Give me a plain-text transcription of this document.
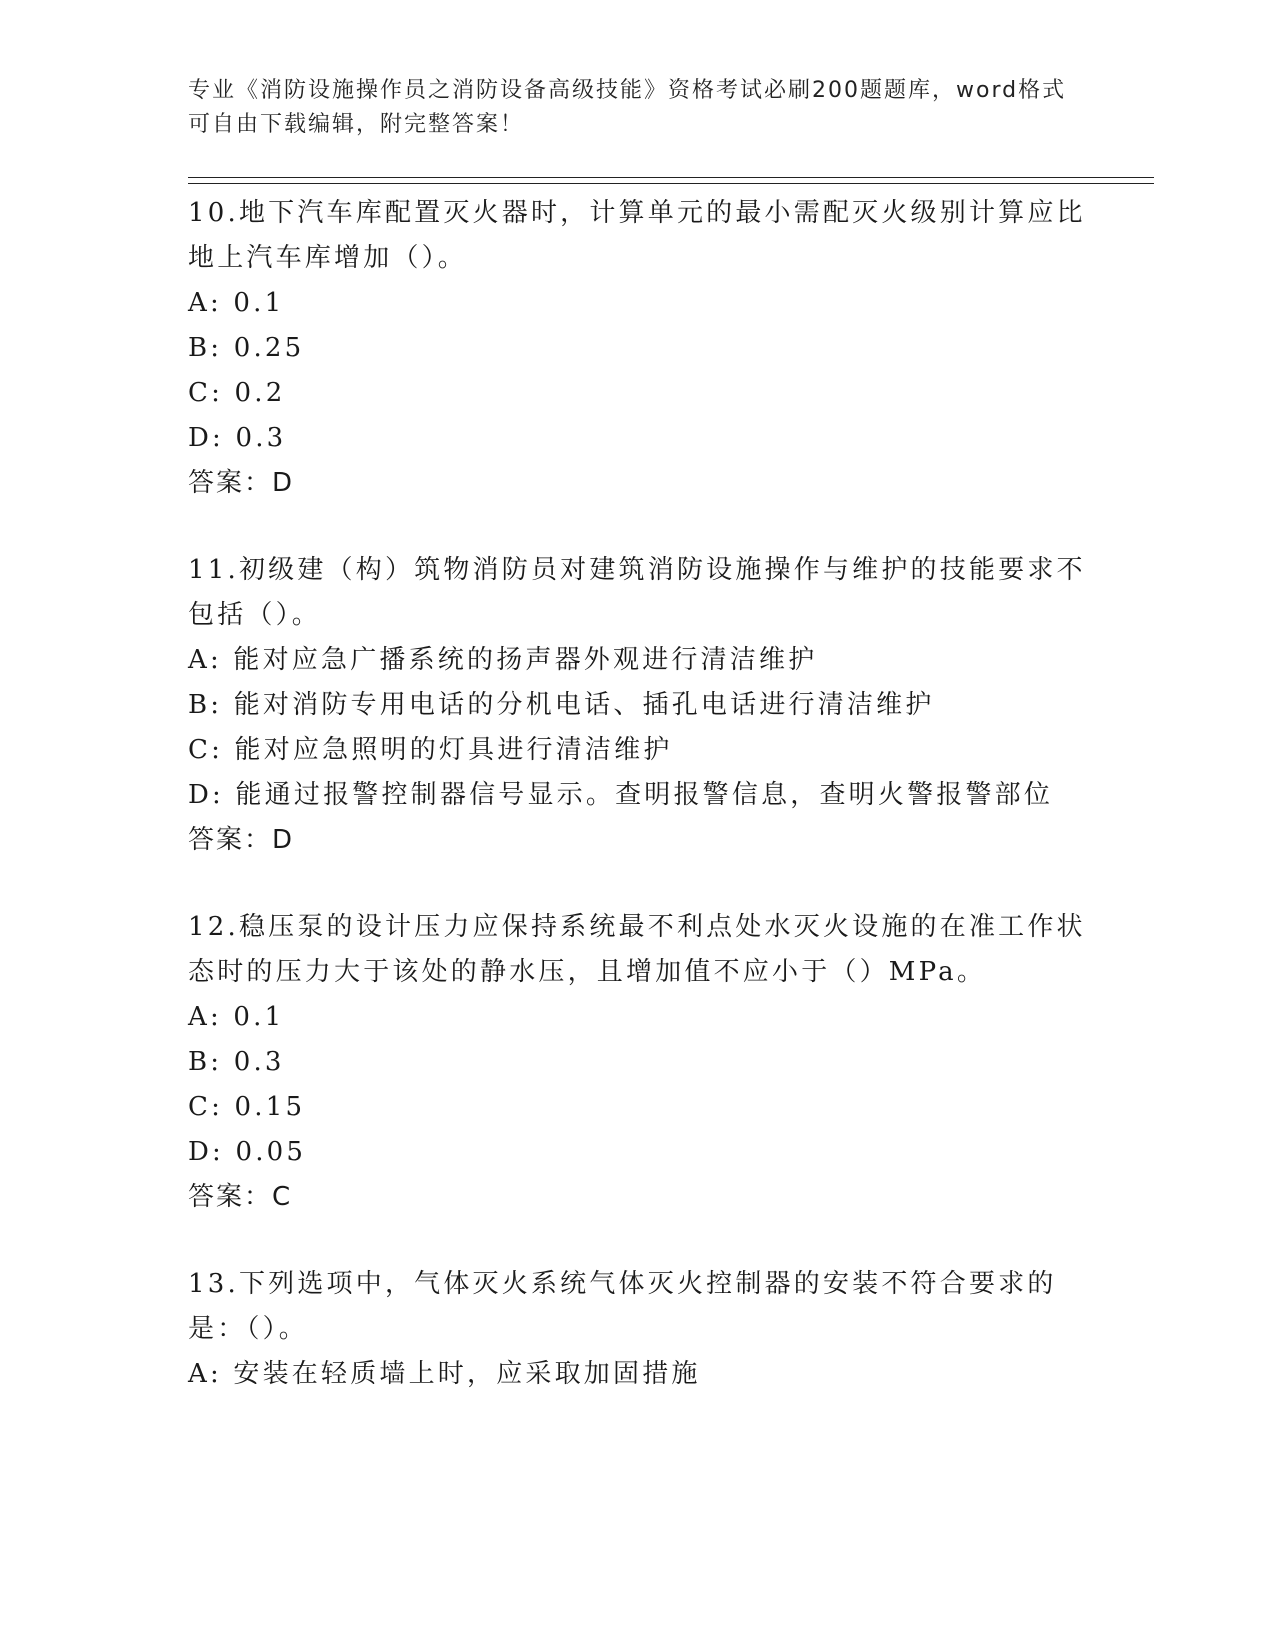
专业《消防设施操作员之消防设备高级技能》资格考试必刷200题题库，word格式可自由下载编辑，附完整答案！
10.地下汽车库配置灭火器时，计算单元的最小需配灭火级别计算应比地上汽车库增加（）。
A: 0.1
B: 0.25
C: 0.2
D: 0.3
答案：D
11.初级建（构）筑物消防员对建筑消防设施操作与维护的技能要求不包括（）。
A: 能对应急广播系统的扬声器外观进行清洁维护
B: 能对消防专用电话的分机电话、插孔电话进行清洁维护
C: 能对应急照明的灯具进行清洁维护
D: 能通过报警控制器信号显示。查明报警信息，查明火警报警部位
答案：D
12.稳压泵的设计压力应保持系统最不利点处水灭火设施的在准工作状态时的压力大于该处的静水压，且增加值不应小于（）MPa。
A: 0.1
B: 0.3
C: 0.15
D: 0.05
答案：C
13.下列选项中，气体灭火系统气体灭火控制器的安装不符合要求的是：（）。
A: 安装在轻质墙上时，应采取加固措施
